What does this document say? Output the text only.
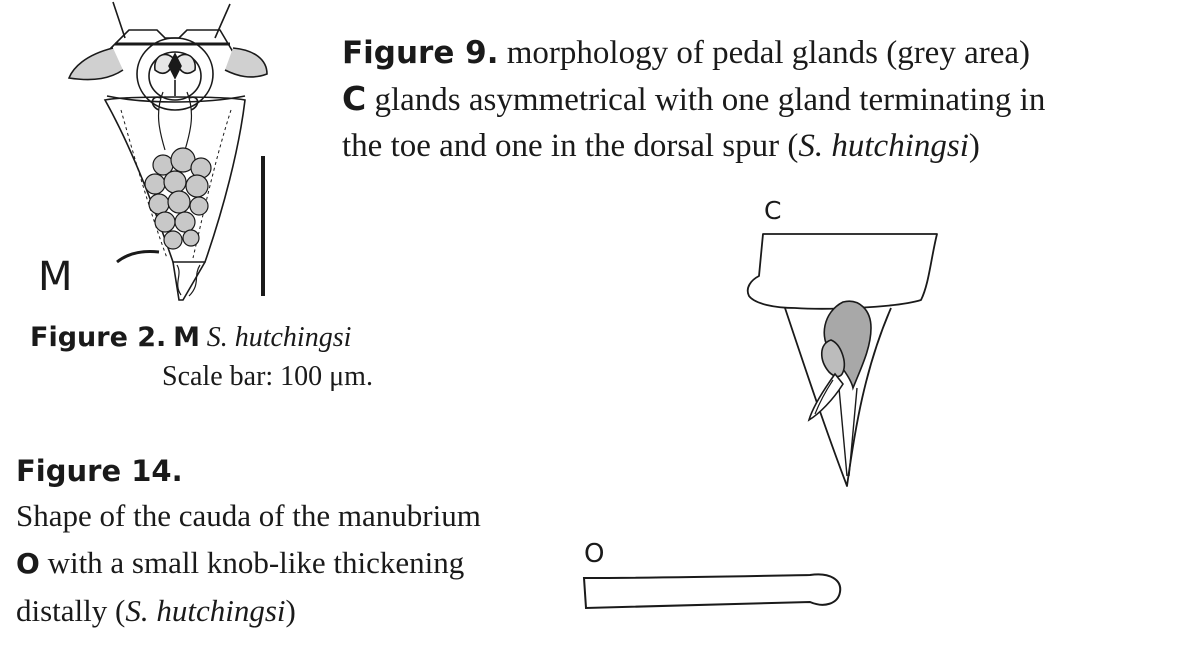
Figure 9. morphology of pedal glands (grey area)
C glands asymmetrical with one gland terminating in
the toe and one in the dorsal spur (S. hutchingsi)
Figure 2. M S. hutchingsi
Scale bar: 100 μm.
Figure 14.
Shape of the cauda of the manubrium
O with a small knob-like thickening
distally (S. hutchingsi)
M
C
O
